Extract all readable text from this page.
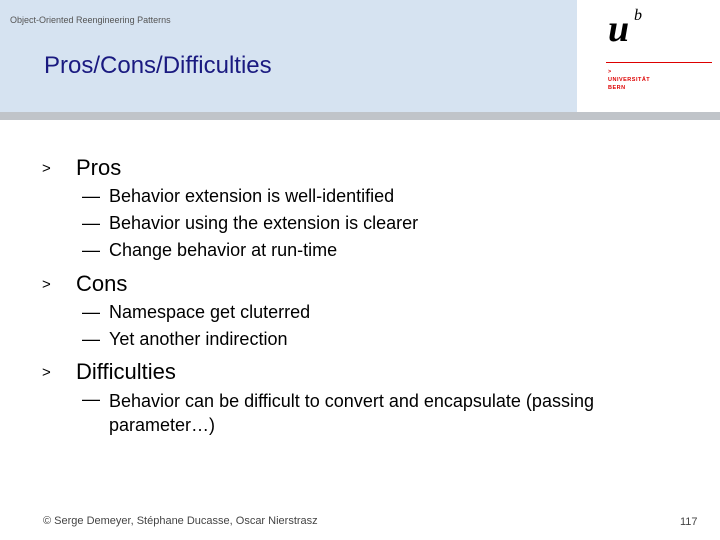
Object-Oriented Reengineering Patterns
Pros/Cons/Difficulties
u b
>
UNIVERSITÄT
BERN
> Pros
— Behavior extension is well-identified
— Behavior using the extension is clearer
— Change behavior at run-time
> Cons
— Namespace get cluterred
— Yet another indirection
> Difficulties
— Behavior can be difficult to convert and encapsulate (passing parameter…)
© Serge Demeyer, Stéphane Ducasse, Oscar Nierstrasz	117
